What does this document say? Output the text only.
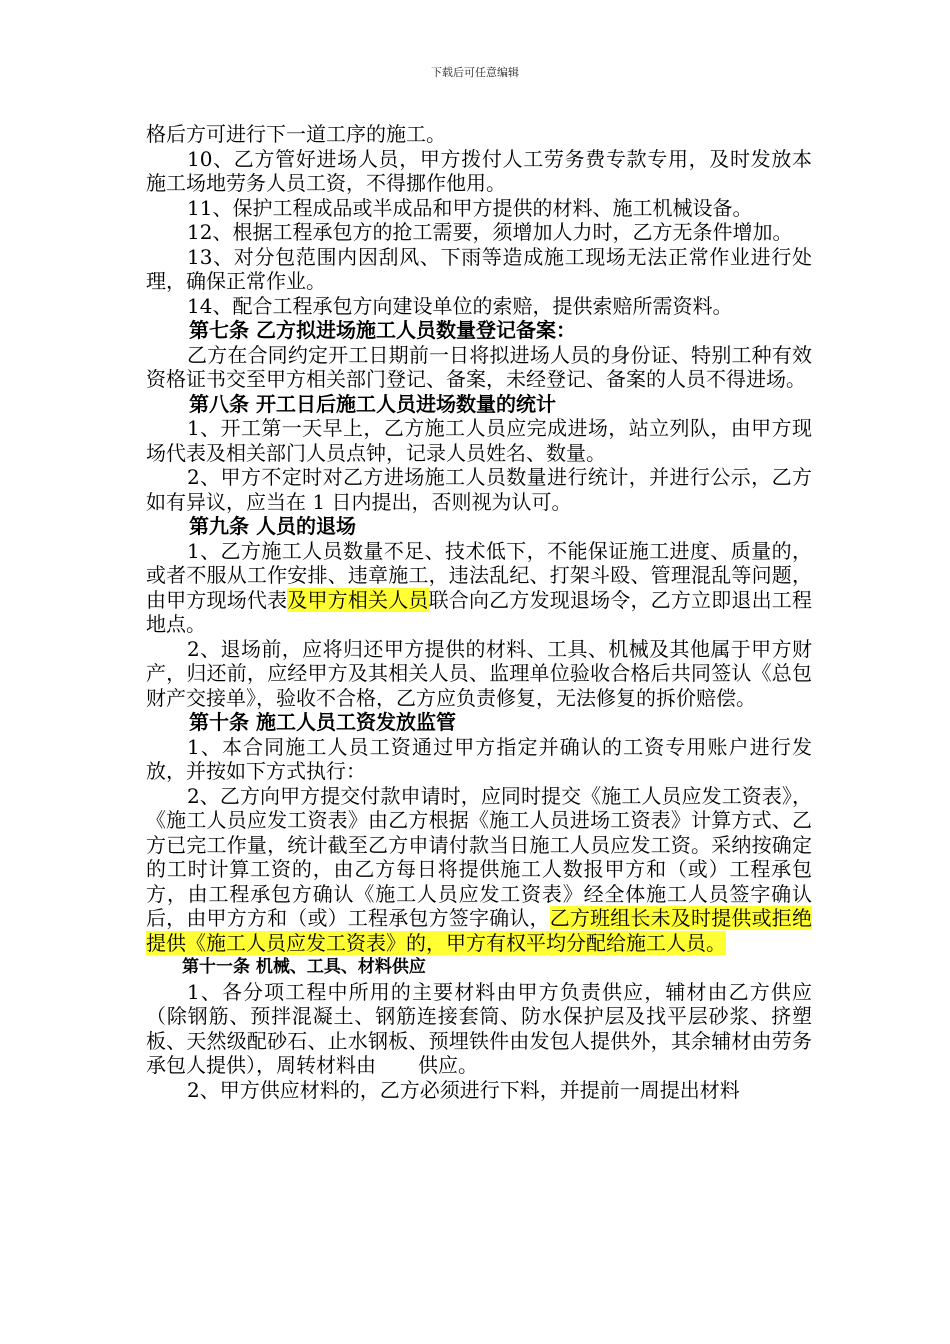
下载后可任意编辑

格后方可进行下一道工序的施工。

10、乙方管好进场人员，甲方拨付人工劳务费专款专用，及时发放本施工场地劳务人员工资，不得挪作他用。

11、保护工程成品或半成品和甲方提供的材料、施工机械设备。

12、根据工程承包方的抢工需要，须增加人力时，乙方无条件增加。

13、对分包范围内因刮风、下雨等造成施工现场无法正常作业进行处理，确保正常作业。

14、配合工程承包方向建设单位的索赔，提供索赔所需资料。

第七条 乙方拟进场施工人员数量登记备案：

乙方在合同约定开工日期前一日将拟进场人员的身份证、特别工种有效资格证书交至甲方相关部门登记、备案，未经登记、备案的人员不得进场。

第八条 开工日后施工人员进场数量的统计

1、开工第一天早上，乙方施工人员应完成进场，站立列队，由甲方现场代表及相关部门人员点钟，记录人员姓名、数量。

2、甲方不定时对乙方进场施工人员数量进行统计，并进行公示，乙方如有异议，应当在 1 日内提出，否则视为认可。

第九条 人员的退场

1、乙方施工人员数量不足、技术低下，不能保证施工进度、质量的，或者不服从工作安排、违章施工，违法乱纪、打架斗殴、管理混乱等问题，由甲方现场代表及甲方相关人员联合向乙方发现退场令，乙方立即退出工程地点。

2、退场前，应将归还甲方提供的材料、工具、机械及其他属于甲方财产，归还前，应经甲方及其相关人员、监理单位验收合格后共同签认《总包财产交接单》，验收不合格，乙方应负责修复，无法修复的拆价赔偿。

第十条 施工人员工资发放监管

1、本合同施工人员工资通过甲方指定并确认的工资专用账户进行发放，并按如下方式执行：

2、乙方向甲方提交付款申请时，应同时提交《施工人员应发工资表》，《施工人员应发工资表》由乙方根据《施工人员进场工资表》计算方式、乙方已完工作量，统计截至乙方申请付款当日施工人员应发工资。采纳按确定的工时计算工资的，由乙方每日将提供施工人数报甲方和（或）工程承包方，由工程承包方确认《施工人员应发工资表》经全体施工人员签字确认后，由甲方方和（或）工程承包方签字确认，乙方班组长未及时提供或拒绝提供《施工人员应发工资表》的，甲方有权平均分配给施工人员。

第十一条 机械、工具、材料供应

1、各分项工程中所用的主要材料由甲方负责供应，辅材由乙方供应（除钢筋、预拌混凝土、钢筋连接套筒、防水保护层及找平层砂浆、挤塑板、天然级配砂石、止水钢板、预埋铁件由发包人提供外，其余辅材由劳务承包人提供），周转材料由 供应。

2、甲方供应材料的，乙方必须进行下料，并提前一周提出材料
